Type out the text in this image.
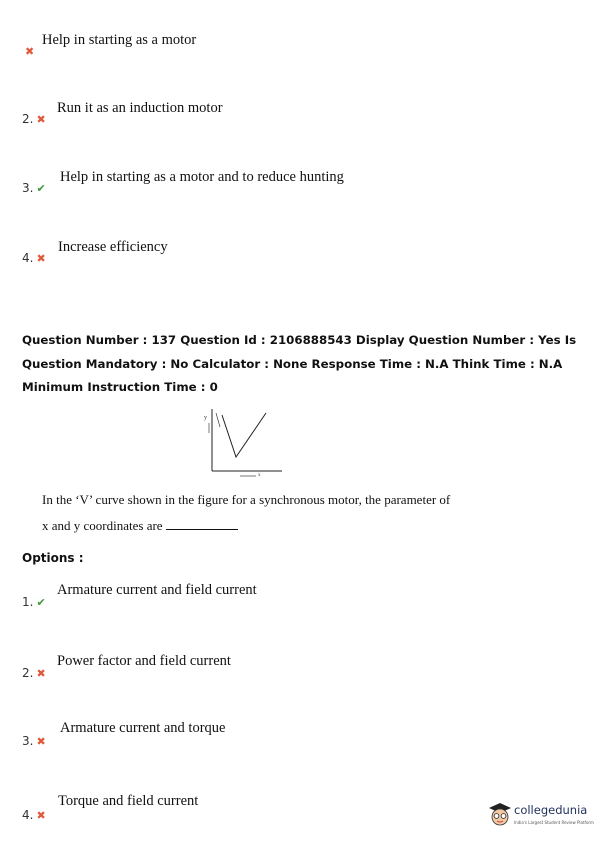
✖
Help in starting as a motor
2. ✖
Run it as an induction motor
3. ✔
Help in starting as a motor and to reduce hunting
4. ✖
Increase efficiency
Question Number : 137 Question Id : 2106888543 Display Question Number : Yes Is Question Mandatory : No Calculator : None Response Time : N.A Think Time : N.A Minimum Instruction Time : 0
y
x
In the ‘V’ curve shown in the figure for a synchronous motor, the parameter of
x and y coordinates are
Options :
1. ✔
Armature current and field current
2. ✖
Power factor and field current
3. ✖
Armature current and torque
4. ✖
Torque and field current
collegedunia
India's Largest Student Review Platform
